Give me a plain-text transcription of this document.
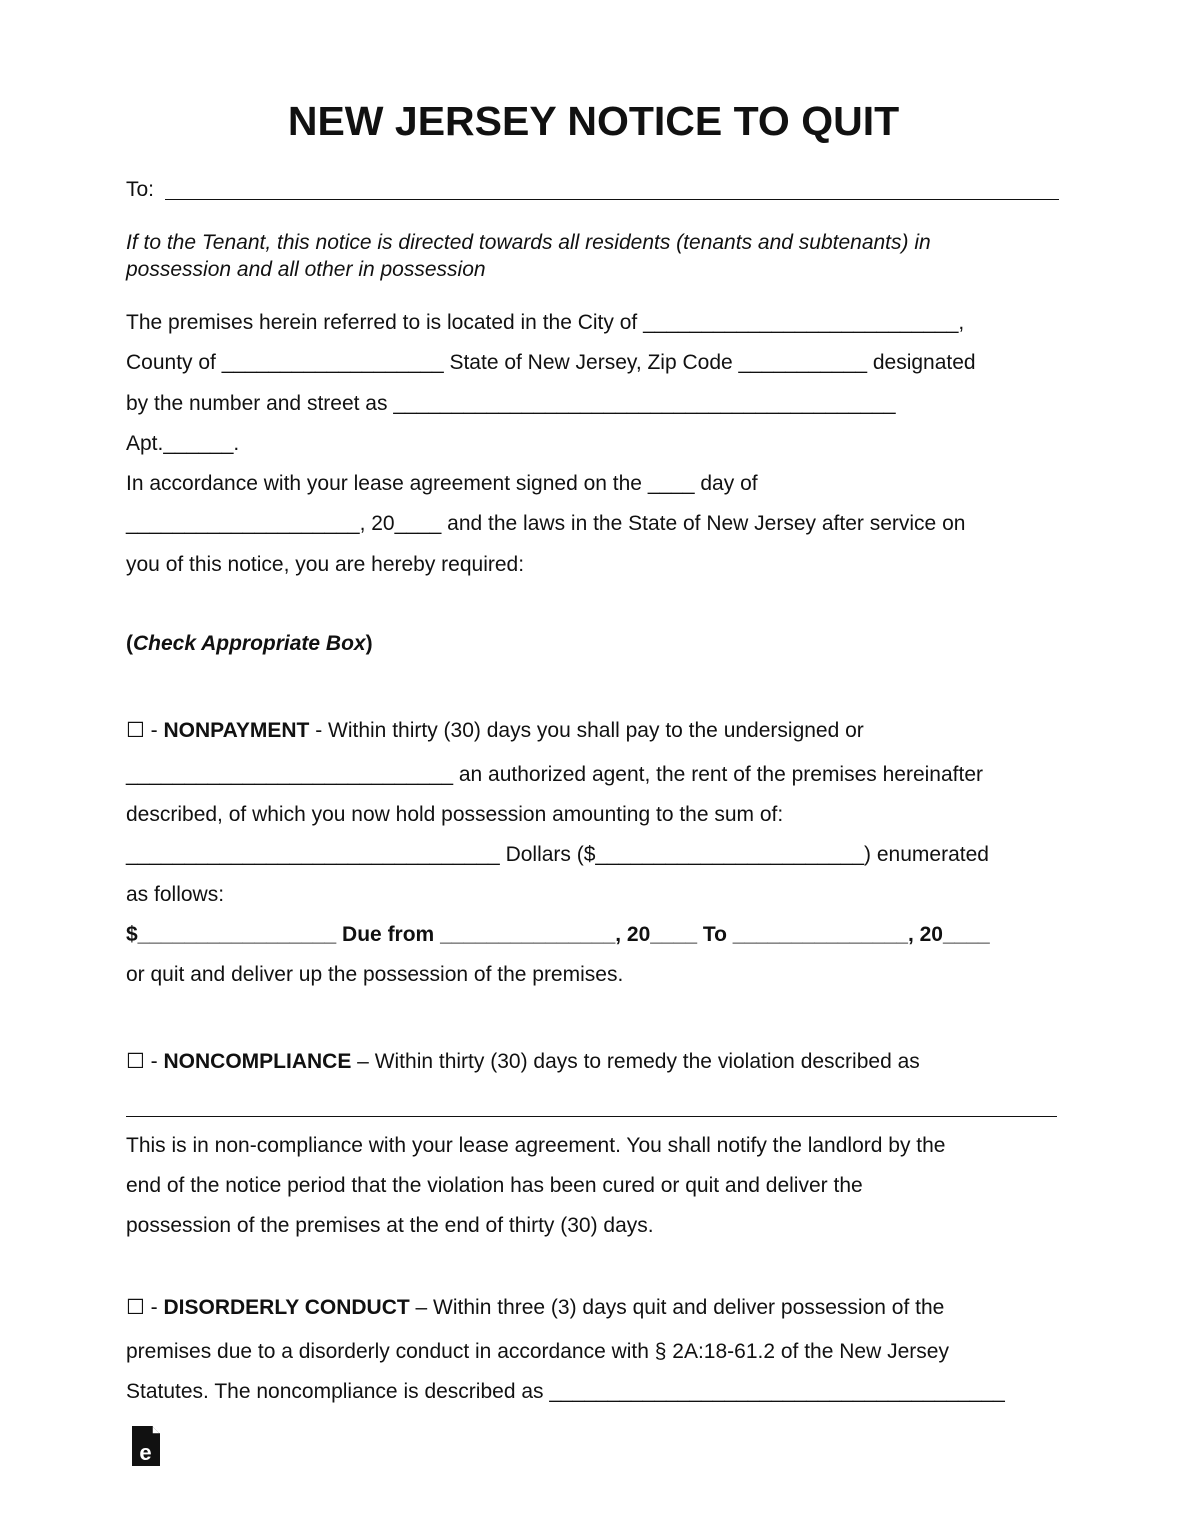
NEW JERSEY NOTICE TO QUIT
To:
If to the Tenant, this notice is directed towards all residents (tenants and subtenants) in
possession and all other in possession
The premises herein referred to is located in the City of ___________________________,
County of ___________________ State of New Jersey, Zip Code ___________ designated
by the number and street as ___________________________________________
Apt.______.
In accordance with your lease agreement signed on the ____ day of
____________________, 20____ and the laws in the State of New Jersey after service on
you of this notice, you are hereby required:
(Check Appropriate Box)
☐ - NONPAYMENT - Within thirty (30) days you shall pay to the undersigned or
____________________________ an authorized agent, the rent of the premises hereinafter
described, of which you now hold possession amounting to the sum of:
________________________________ Dollars ($_______________________) enumerated
as follows:
$_________________ Due from _______________, 20____ To _______________, 20____
or quit and deliver up the possession of the premises.
☐ - NONCOMPLIANCE – Within thirty (30) days to remedy the violation described as
This is in non-compliance with your lease agreement. You shall notify the landlord by the
end of the notice period that the violation has been cured or quit and deliver the
possession of the premises at the end of thirty (30) days.
☐ - DISORDERLY CONDUCT – Within three (3) days quit and deliver possession of the
premises due to a disorderly conduct in accordance with § 2A:18-61.2 of the New Jersey
Statutes. The noncompliance is described as _______________________________________
e
